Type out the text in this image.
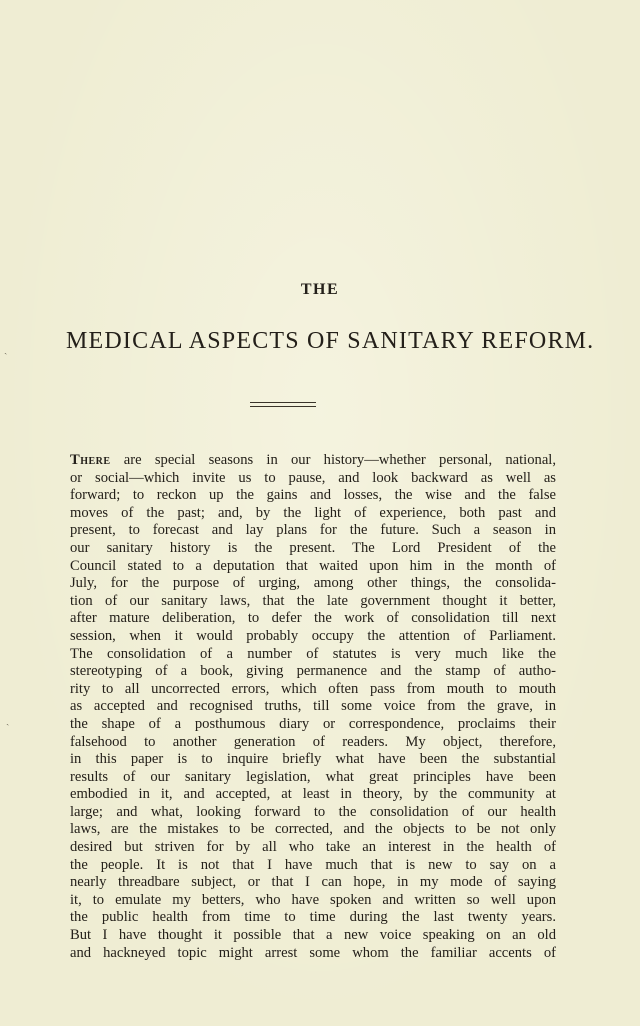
THE
MEDICAL ASPECTS OF SANITARY REFORM.
ˏ
ˏ
There are special seasons in our history—whether personal, national,
or social—which invite us to pause, and look backward as well as
forward; to reckon up the gains and losses, the wise and the false
moves of the past; and, by the light of experience, both past and
present, to forecast and lay plans for the future. Such a season in
our sanitary history is the present. The Lord President of the
Council stated to a deputation that waited upon him in the month of
July, for the purpose of urging, among other things, the consolida-
tion of our sanitary laws, that the late government thought it better,
after mature deliberation, to defer the work of consolidation till next
session, when it would probably occupy the attention of Parliament.
The consolidation of a number of statutes is very much like the
stereotyping of a book, giving permanence and the stamp of autho-
rity to all uncorrected errors, which often pass from mouth to mouth
as accepted and recognised truths, till some voice from the grave, in
the shape of a posthumous diary or correspondence, proclaims their
falsehood to another generation of readers. My object, therefore,
in this paper is to inquire briefly what have been the substantial
results of our sanitary legislation, what great principles have been
embodied in it, and accepted, at least in theory, by the community at
large; and what, looking forward to the consolidation of our health
laws, are the mistakes to be corrected, and the objects to be not only
desired but striven for by all who take an interest in the health of
the people. It is not that I have much that is new to say on a
nearly threadbare subject, or that I can hope, in my mode of saying
it, to emulate my betters, who have spoken and written so well upon
the public health from time to time during the last twenty years.
But I have thought it possible that a new voice speaking on an old
and hackneyed topic might arrest some whom the familiar accents of
